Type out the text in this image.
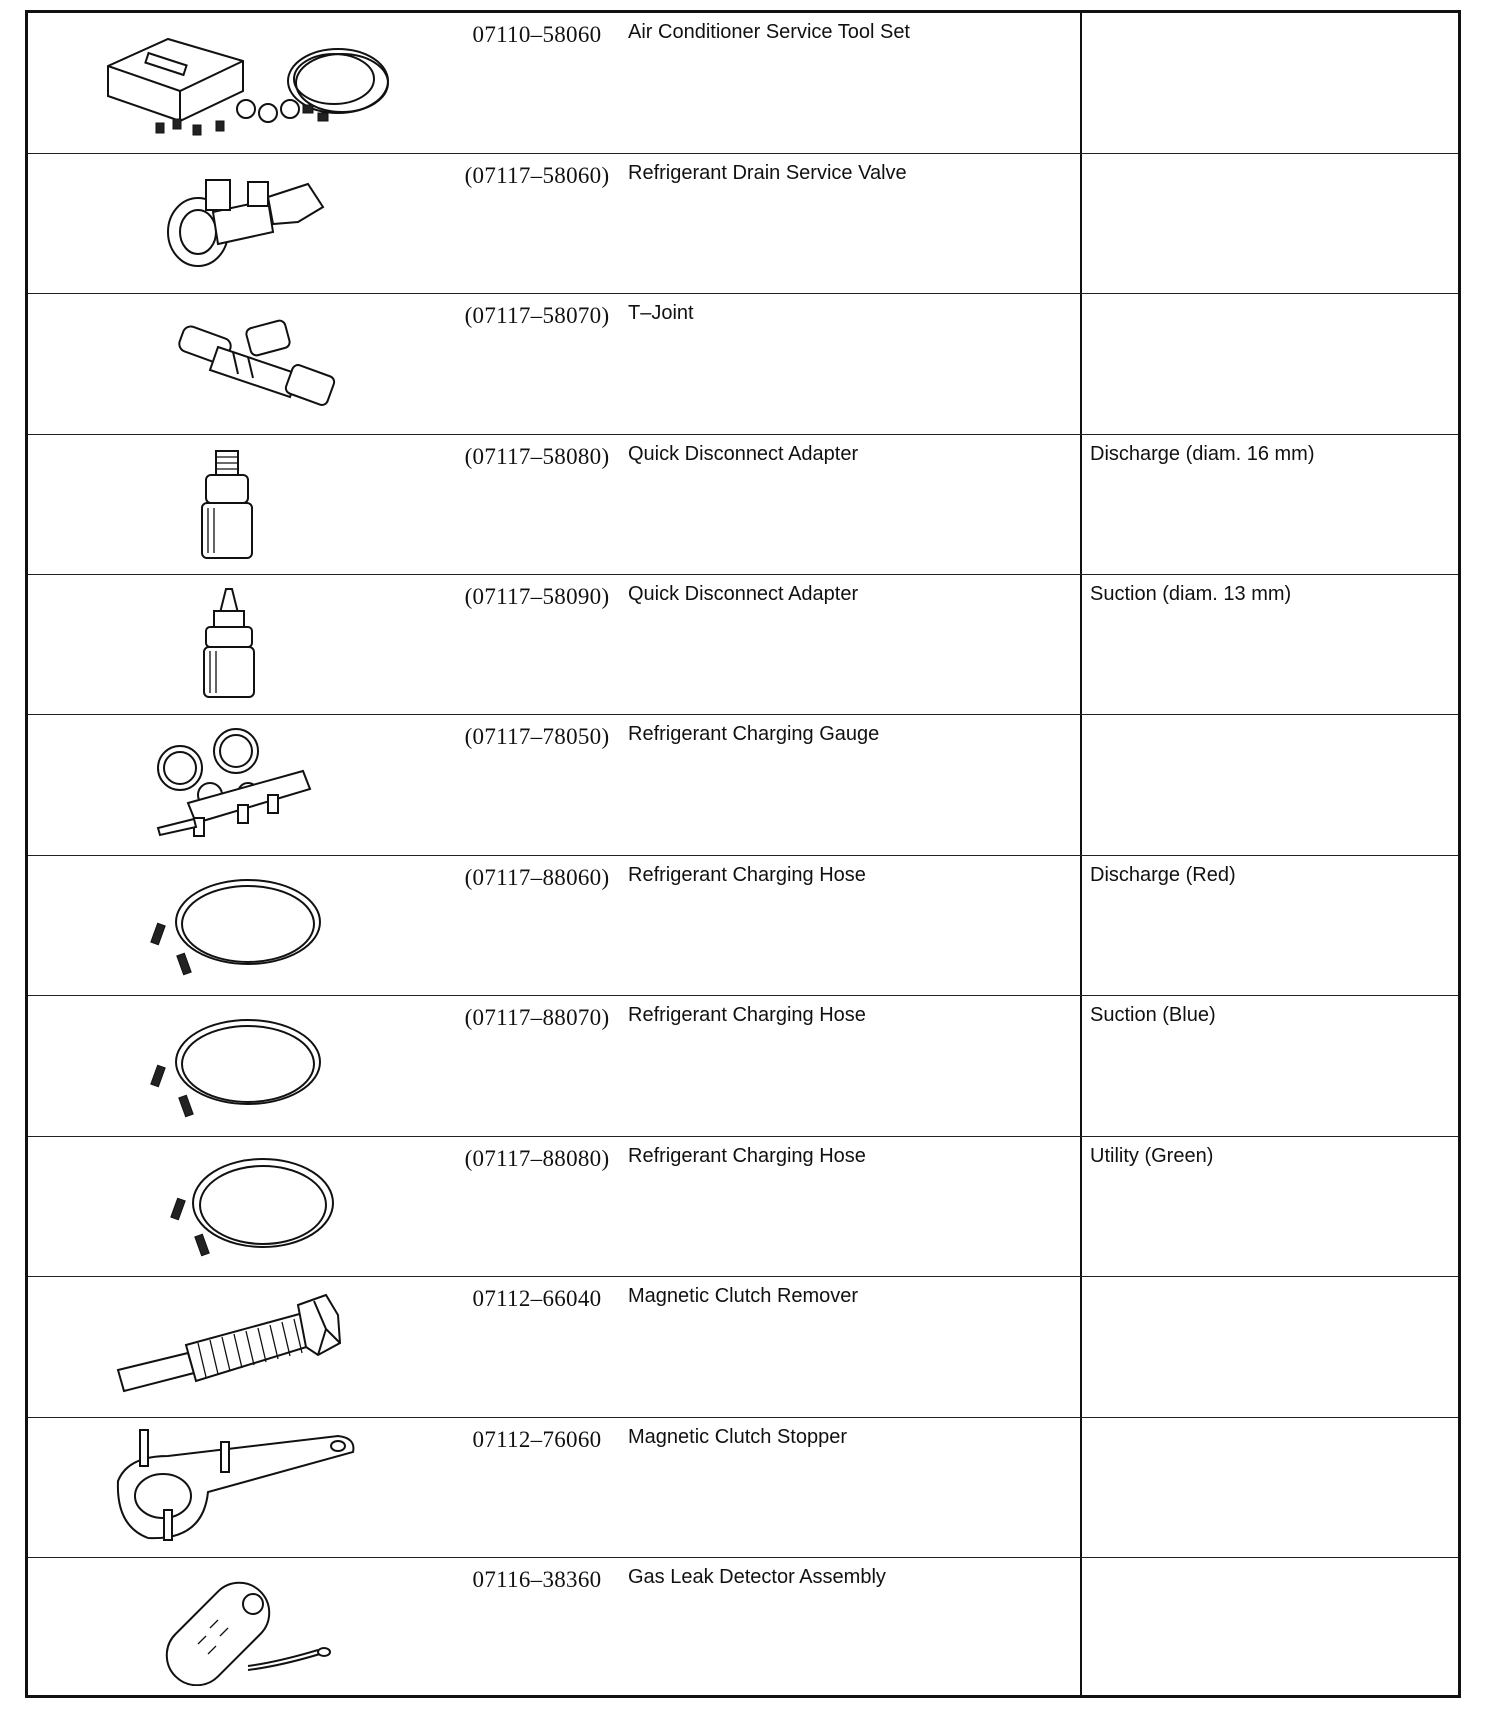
07110–58060	Air Conditioner Service Tool Set
(07117–58060) Refrigerant Drain Service Valve
(07117–58070) T–Joint
(07117–58080) Quick Disconnect Adapter	Discharge (diam. 16 mm)
(07117–58090) Quick Disconnect Adapter	Suction (diam. 13 mm)
(07117–78050) Refrigerant Charging Gauge
(07117–88060) Refrigerant Charging Hose	Discharge (Red)
(07117–88070) Refrigerant Charging Hose	Suction (Blue)
(07117–88080) Refrigerant Charging Hose	Utility (Green)
07112–66040	Magnetic Clutch Remover
07112–76060	Magnetic Clutch Stopper
07116–38360	Gas Leak Detector Assembly
